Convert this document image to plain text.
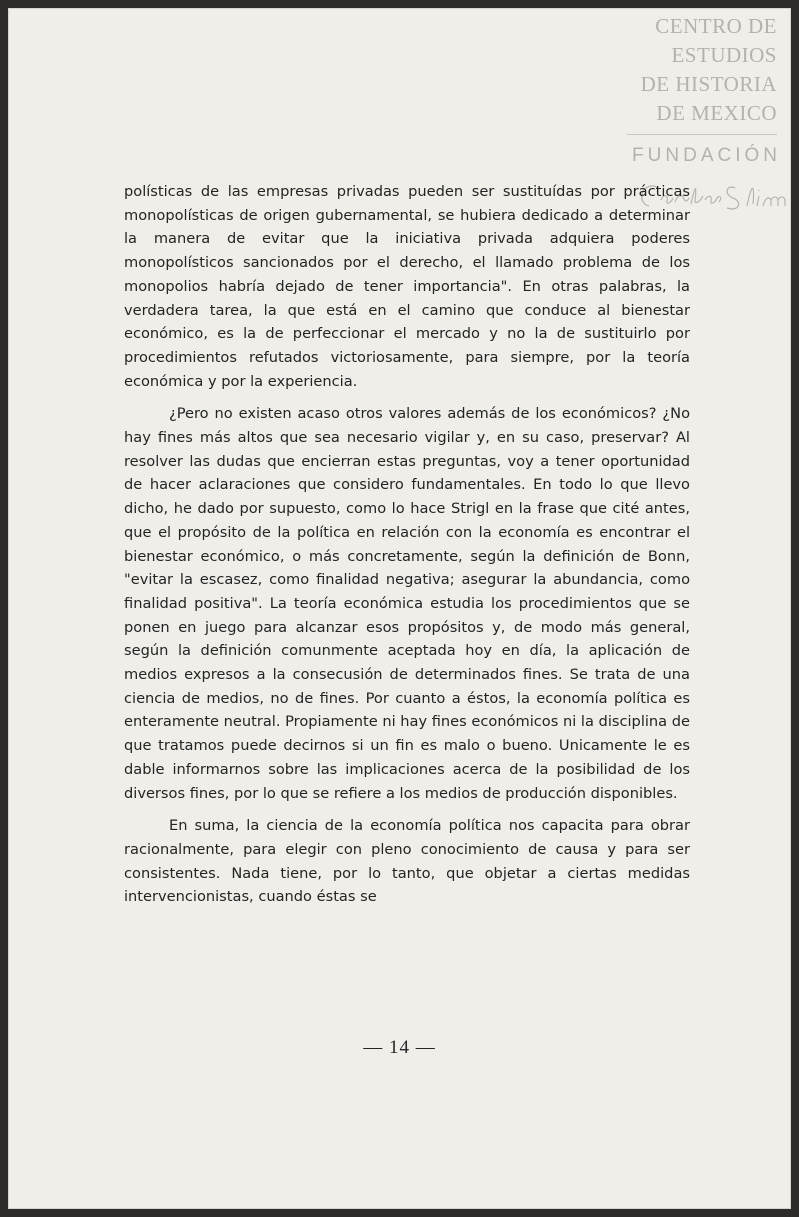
CENTRO DE
ESTUDIOS
DE HISTORIA
DE MEXICO
FUNDACIÓN

polísticas de las empresas privadas pueden ser sustituídas por prácticas monopolísticas de origen gubernamental, se hubiera dedicado a determinar la manera de evitar que la iniciativa privada adquiera poderes monopolísticos sancionados por el derecho, el llamado problema de los monopolios habría dejado de tener importancia". En otras palabras, la verdadera tarea, la que está en el camino que conduce al bienestar económico, es la de perfeccionar el mercado y no la de sustituirlo por procedimientos refutados victoriosamente, para siempre, por la teoría económica y por la experiencia.

¿Pero no existen acaso otros valores además de los económicos? ¿No hay fines más altos que sea necesario vigilar y, en su caso, preservar? Al resolver las dudas que encierran estas preguntas, voy a tener oportunidad de hacer aclaraciones que considero fundamentales. En todo lo que llevo dicho, he dado por supuesto, como lo hace Strigl en la frase que cité antes, que el propósito de la política en relación con la economía es encontrar el bienestar económico, o más concretamente, según la definición de Bonn, "evitar la escasez, como finalidad negativa; asegurar la abundancia, como finalidad positiva". La teoría económica estudia los procedimientos que se ponen en juego para alcanzar esos propósitos y, de modo más general, según la definición comunmente aceptada hoy en día, la aplicación de medios expresos a la consecusión de determinados fines. Se trata de una ciencia de medios, no de fines. Por cuanto a éstos, la economía política es enteramente neutral. Propiamente ni hay fines económicos ni la disciplina de que tratamos puede decirnos si un fin es malo o bueno. Unicamente le es dable informarnos sobre las implicaciones acerca de la posibilidad de los diversos fines, por lo que se refiere a los medios de producción disponibles.

En suma, la ciencia de la economía política nos capacita para obrar racionalmente, para elegir con pleno conocimiento de causa y para ser consistentes. Nada tiene, por lo tanto, que objetar a ciertas medidas intervencionistas, cuando éstas se

— 14 —
